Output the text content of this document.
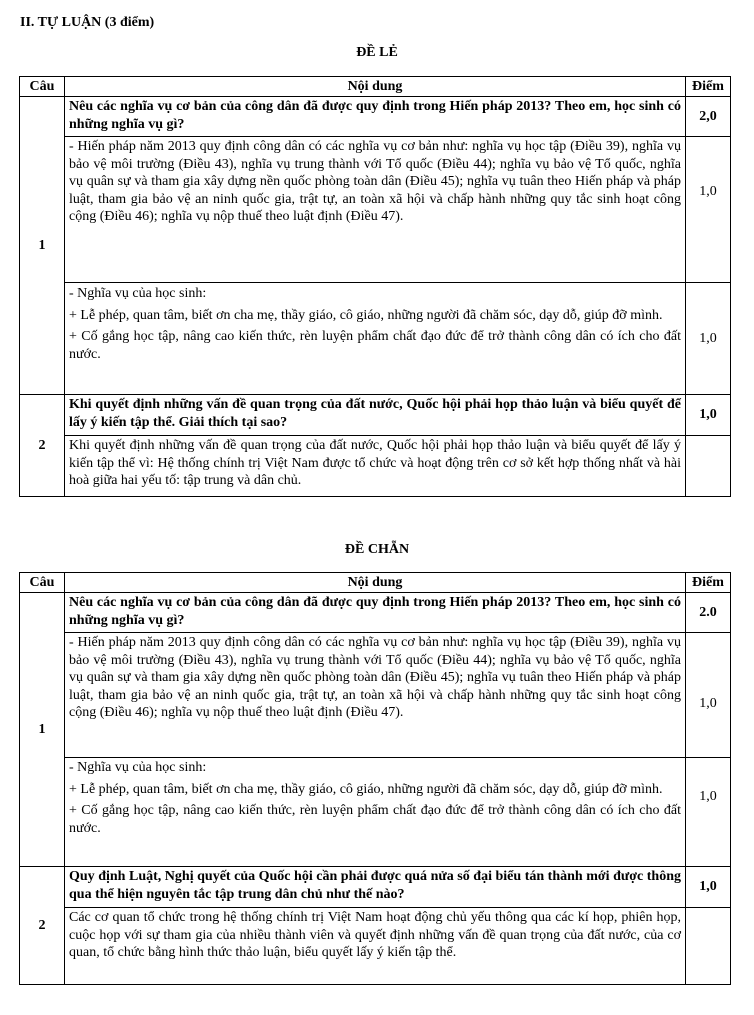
II. TỰ LUẬN (3 điểm)
ĐỀ LẺ
Câu	Nội dung	Điểm
1	Nêu các nghĩa vụ cơ bản của công dân đã được quy định trong Hiến pháp 2013? Theo em, học sinh có những nghĩa vụ gì?	2,0

	- Hiến pháp năm 2013 quy định công dân có các nghĩa vụ cơ bản như: nghĩa vụ học tập (Điều 39), nghĩa vụ bảo vệ môi trường (Điều 43), nghĩa vụ trung thành với Tổ quốc (Điều 44); nghĩa vụ bảo vệ Tổ quốc, nghĩa vụ quân sự và tham gia xây dựng nền quốc phòng toàn dân (Điều 45); nghĩa vụ tuân theo Hiến pháp và pháp luật, tham gia bảo vệ an ninh quốc gia, trật tự, an toàn xã hội và chấp hành những quy tắc sinh hoạt công cộng (Điều 46); nghĩa vụ nộp thuế theo luật định (Điều 47).	1,0

	- Nghĩa vụ của học sinh:

+ Lễ phép, quan tâm, biết ơn cha mẹ, thầy giáo, cô giáo, những người đã chăm sóc, dạy dỗ, giúp đỡ mình.

+ Cố gắng học tập, nâng cao kiến thức, rèn luyện phẩm chất đạo đức để trở thành công dân có ích cho đất nước.	1,0
2	Khi quyết định những vấn đề quan trọng của đất nước, Quốc hội phải họp thảo luận và biểu quyết để lấy ý kiến tập thể. Giải thích tại sao?	1,0
	Khi quyết định những vấn đề quan trọng của đất nước, Quốc hội phải họp thảo luận và biểu quyết để lấy ý kiến tập thể vì: Hệ thống chính trị Việt Nam được tổ chức và hoạt động trên cơ sở kết hợp thống nhất và hài hoà giữa hai yếu tố: tập trung và dân chủ.	
ĐỀ CHẴN
Câu	Nội dung	Điểm
1	Nêu các nghĩa vụ cơ bản của công dân đã được quy định trong Hiến pháp 2013? Theo em, học sinh có những nghĩa vụ gì?	2.0

	- Hiến pháp năm 2013 quy định công dân có các nghĩa vụ cơ bản như: nghĩa vụ học tập (Điều 39), nghĩa vụ bảo vệ môi trường (Điều 43), nghĩa vụ trung thành với Tổ quốc (Điều 44); nghĩa vụ bảo vệ Tổ quốc, nghĩa vụ quân sự và tham gia xây dựng nền quốc phòng toàn dân (Điều 45); nghĩa vụ tuân theo Hiến pháp và pháp luật, tham gia bảo vệ an ninh quốc gia, trật tự, an toàn xã hội và chấp hành những quy tắc sinh hoạt công cộng (Điều 46); nghĩa vụ nộp thuế theo luật định (Điều 47).	1,0

	- Nghĩa vụ của học sinh:

+ Lễ phép, quan tâm, biết ơn cha mẹ, thầy giáo, cô giáo, những người đã chăm sóc, dạy dỗ, giúp đỡ mình.

+ Cố gắng học tập, nâng cao kiến thức, rèn luyện phẩm chất đạo đức để trở thành công dân có ích cho đất nước.	1,0
2	Quy định Luật, Nghị quyết của Quốc hội cần phải được quá nửa số đại biểu tán thành mới được thông qua thể hiện nguyên tắc tập trung dân chủ như thế nào?	1,0
	Các cơ quan tổ chức trong hệ thống chính trị Việt Nam hoạt động chủ yếu thông qua các kí họp, phiên họp, cuộc họp với sự tham gia của nhiều thành viên và quyết định những vấn đề quan trọng của đất nước, của cơ quan, tổ chức bằng hình thức thảo luận, biểu quyết lấy ý kiến tập thể.	
